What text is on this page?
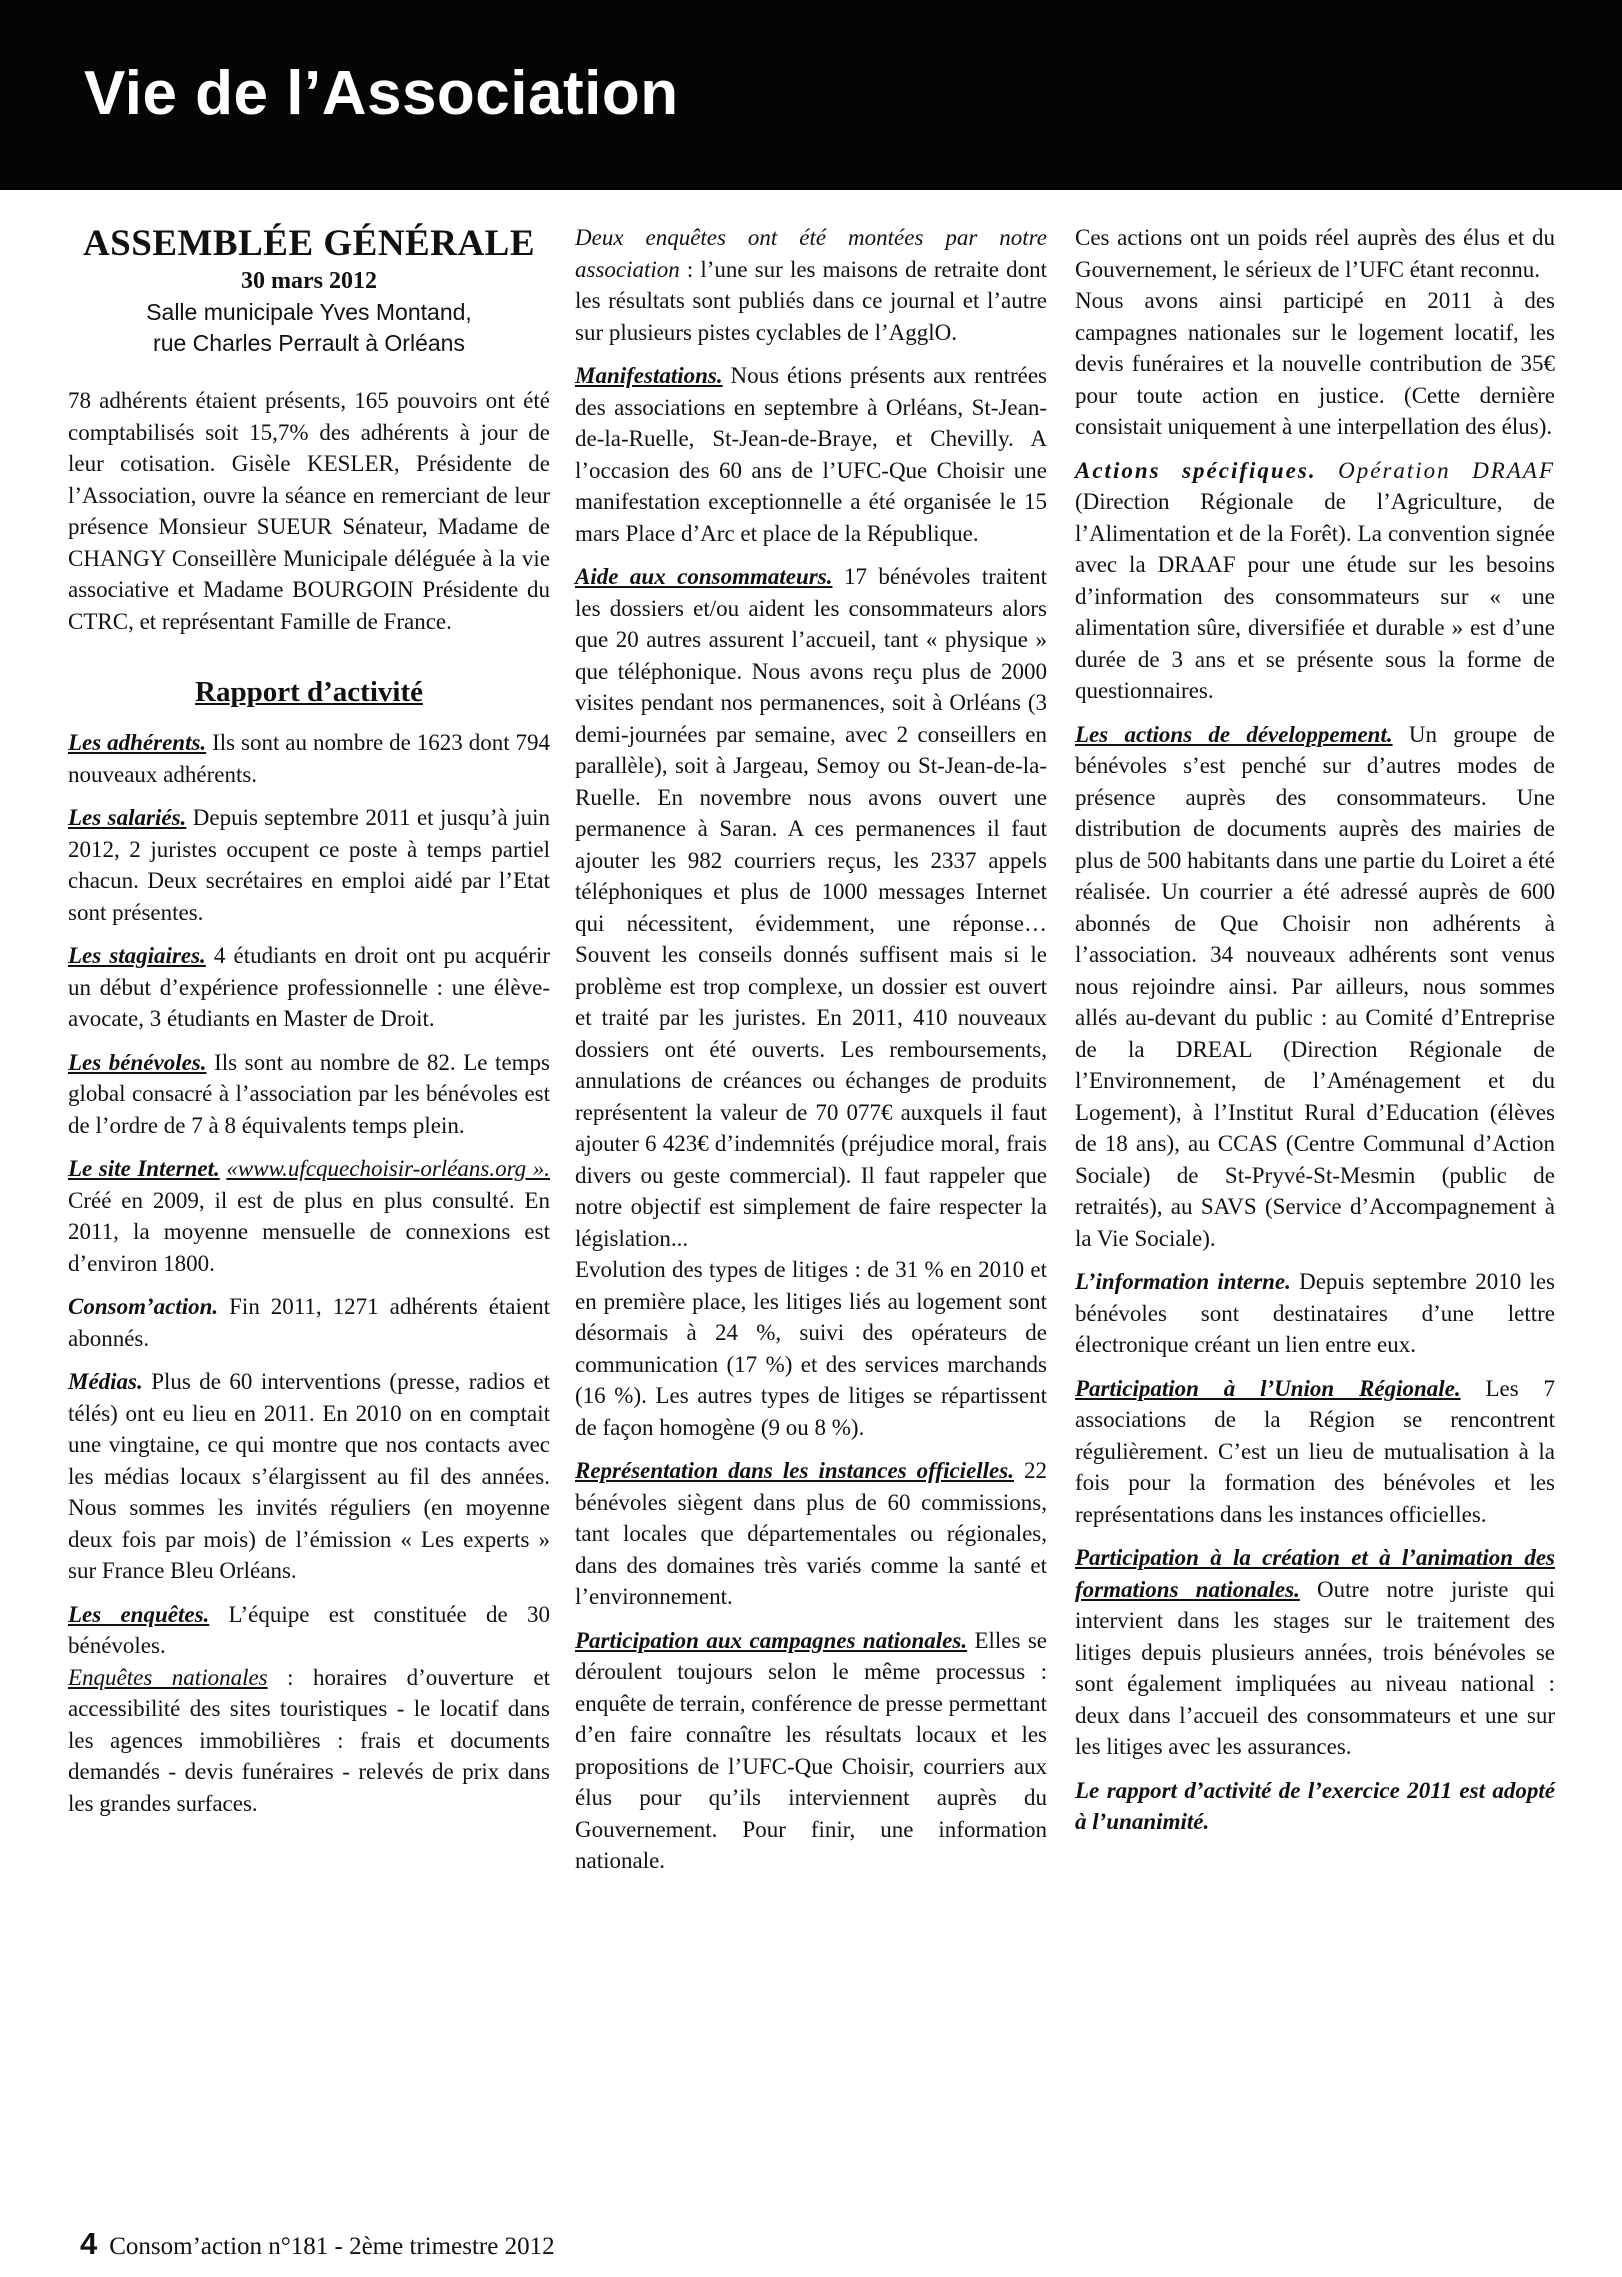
Vie de l’Association
ASSEMBLÉE GÉNÉRALE
30 mars 2012
Salle municipale Yves Montand,
rue Charles Perrault à Orléans

78 adhérents étaient présents, 165 pouvoirs ont été comptabilisés soit 15,7% des adhérents à jour de leur cotisation. Gisèle KESLER, Présidente de l’Association, ouvre la séance en remerciant de leur présence Monsieur SUEUR Sénateur, Madame de CHANGY Conseillère Municipale déléguée à la vie associative et Madame BOURGOIN Présidente du CTRC, et représentant Famille de France.

Rapport d’activité

Les adhérents. Ils sont au nombre de 1623 dont 794 nouveaux adhérents.

Les salariés. Depuis septembre 2011 et jusqu’à juin 2012, 2 juristes occupent ce poste à temps partiel chacun. Deux secrétaires en emploi aidé par l’Etat sont présentes.

Les stagiaires. 4 étudiants en droit ont pu acquérir un début d’expérience professionnelle : une élève-avocate, 3 étudiants en Master de Droit.

Les bénévoles. Ils sont au nombre de 82. Le temps global consacré à l’association par les bénévoles est de l’ordre de 7 à 8 équivalents temps plein.

Le site Internet. «www.ufcquechoisir-orléans.org ». Créé en 2009, il est de plus en plus consulté. En 2011, la moyenne mensuelle de connexions est d’environ 1800.

Consom’action. Fin 2011, 1271 adhérents étaient abonnés.

Médias. Plus de 60 interventions (presse, radios et télés) ont eu lieu en 2011. En 2010 on en comptait une vingtaine, ce qui montre que nos contacts avec les médias locaux s’élargissent au fil des années. Nous sommes les invités réguliers (en moyenne deux fois par mois) de l’émission « Les experts » sur France Bleu Orléans.

Les enquêtes. L’équipe est constituée de 30 bénévoles.

Enquêtes nationales : horaires d’ouverture et accessibilité des sites touristiques - le locatif dans les agences immobilières : frais et documents demandés - devis funéraires - relevés de prix dans les grandes surfaces.

Deux enquêtes ont été montées par notre association : l’une sur les maisons de retraite dont les résultats sont publiés dans ce journal et l’autre sur plusieurs pistes cyclables de l’AgglO.

Manifestations. Nous étions présents aux rentrées des associations en septembre à Orléans, St-Jean-de-la-Ruelle, St-Jean-de-Braye, et Chevilly. A l’occasion des 60 ans de l’UFC-Que Choisir une manifestation exceptionnelle a été organisée le 15 mars Place d’Arc et place de la République.

Aide aux consommateurs. 17 bénévoles traitent les dossiers et/ou aident les consommateurs alors que 20 autres assurent l’accueil, tant « physique » que téléphonique. Nous avons reçu plus de 2000 visites pendant nos permanences, soit à Orléans (3 demi-journées par semaine, avec 2 conseillers en parallèle), soit à Jargeau, Semoy ou St-Jean-de-la-Ruelle. En novembre nous avons ouvert une permanence à Saran. A ces permanences il faut ajouter les 982 courriers reçus, les 2337 appels téléphoniques et plus de 1000 messages Internet qui nécessitent, évidemment, une réponse… Souvent les conseils donnés suffisent mais si le problème est trop complexe, un dossier est ouvert et traité par les juristes. En 2011, 410 nouveaux dossiers ont été ouverts. Les remboursements, annulations de créances ou échanges de produits représentent la valeur de 70 077€ auxquels il faut ajouter 6 423€ d’indemnités (préjudice moral, frais divers ou geste commercial). Il faut rappeler que notre objectif est simplement de faire respecter la législation...

Evolution des types de litiges : de 31 % en 2010 et en première place, les litiges liés au logement sont désormais à 24 %, suivi des opérateurs de communication (17 %) et des services marchands (16 %). Les autres types de litiges se répartissent de façon homogène (9 ou 8 %).

Représentation dans les instances officielles. 22 bénévoles siègent dans plus de 60 commissions, tant locales que départementales ou régionales, dans des domaines très variés comme la santé et l’environnement.

Participation aux campagnes nationales. Elles se déroulent toujours selon le même processus : enquête de terrain, conférence de presse permettant d’en faire connaître les résultats locaux et les propositions de l’UFC-Que Choisir, courriers aux élus pour qu’ils interviennent auprès du Gouvernement. Pour finir, une information nationale.

Ces actions ont un poids réel auprès des élus et du Gouvernement, le sérieux de l’UFC étant reconnu.

Nous avons ainsi participé en 2011 à des campagnes nationales sur le logement locatif, les devis funéraires et la nouvelle contribution de 35€ pour toute action en justice. (Cette dernière consistait uniquement à une interpellation des élus).

Actions spécifiques. Opération DRAAF (Direction Régionale de l’Agriculture, de l’Alimentation et de la Forêt). La convention signée avec la DRAAF pour une étude sur les besoins d’information des consommateurs sur « une alimentation sûre, diversifiée et durable » est d’une durée de 3 ans et se présente sous la forme de questionnaires.

Les actions de développement. Un groupe de bénévoles s’est penché sur d’autres modes de présence auprès des consommateurs. Une distribution de documents auprès des mairies de plus de 500 habitants dans une partie du Loiret a été réalisée. Un courrier a été adressé auprès de 600 abonnés de Que Choisir non adhérents à l’association. 34 nouveaux adhérents sont venus nous rejoindre ainsi. Par ailleurs, nous sommes allés au-devant du public : au Comité d’Entreprise de la DREAL (Direction Régionale de l’Environnement, de l’Aménagement et du Logement), à l’Institut Rural d’Education (élèves de 18 ans), au CCAS (Centre Communal d’Action Sociale) de St-Pryvé-St-Mesmin (public de retraités), au SAVS (Service d’Accompagnement à la Vie Sociale).

L’information interne. Depuis septembre 2010 les bénévoles sont destinataires d’une lettre électronique créant un lien entre eux.

Participation à l’Union Régionale. Les 7 associations de la Région se rencontrent régulièrement. C’est un lieu de mutualisation à la fois pour la formation des bénévoles et les représentations dans les instances officielles.

Participation à la création et à l’animation des formations nationales. Outre notre juriste qui intervient dans les stages sur le traitement des litiges depuis plusieurs années, trois bénévoles se sont également impliquées au niveau national : deux dans l’accueil des consommateurs et une sur les litiges avec les assurances.

Le rapport d’activité de l’exercice 2011 est adopté à l’unanimité.

4 Consom’action n°181 - 2ème trimestre 2012
